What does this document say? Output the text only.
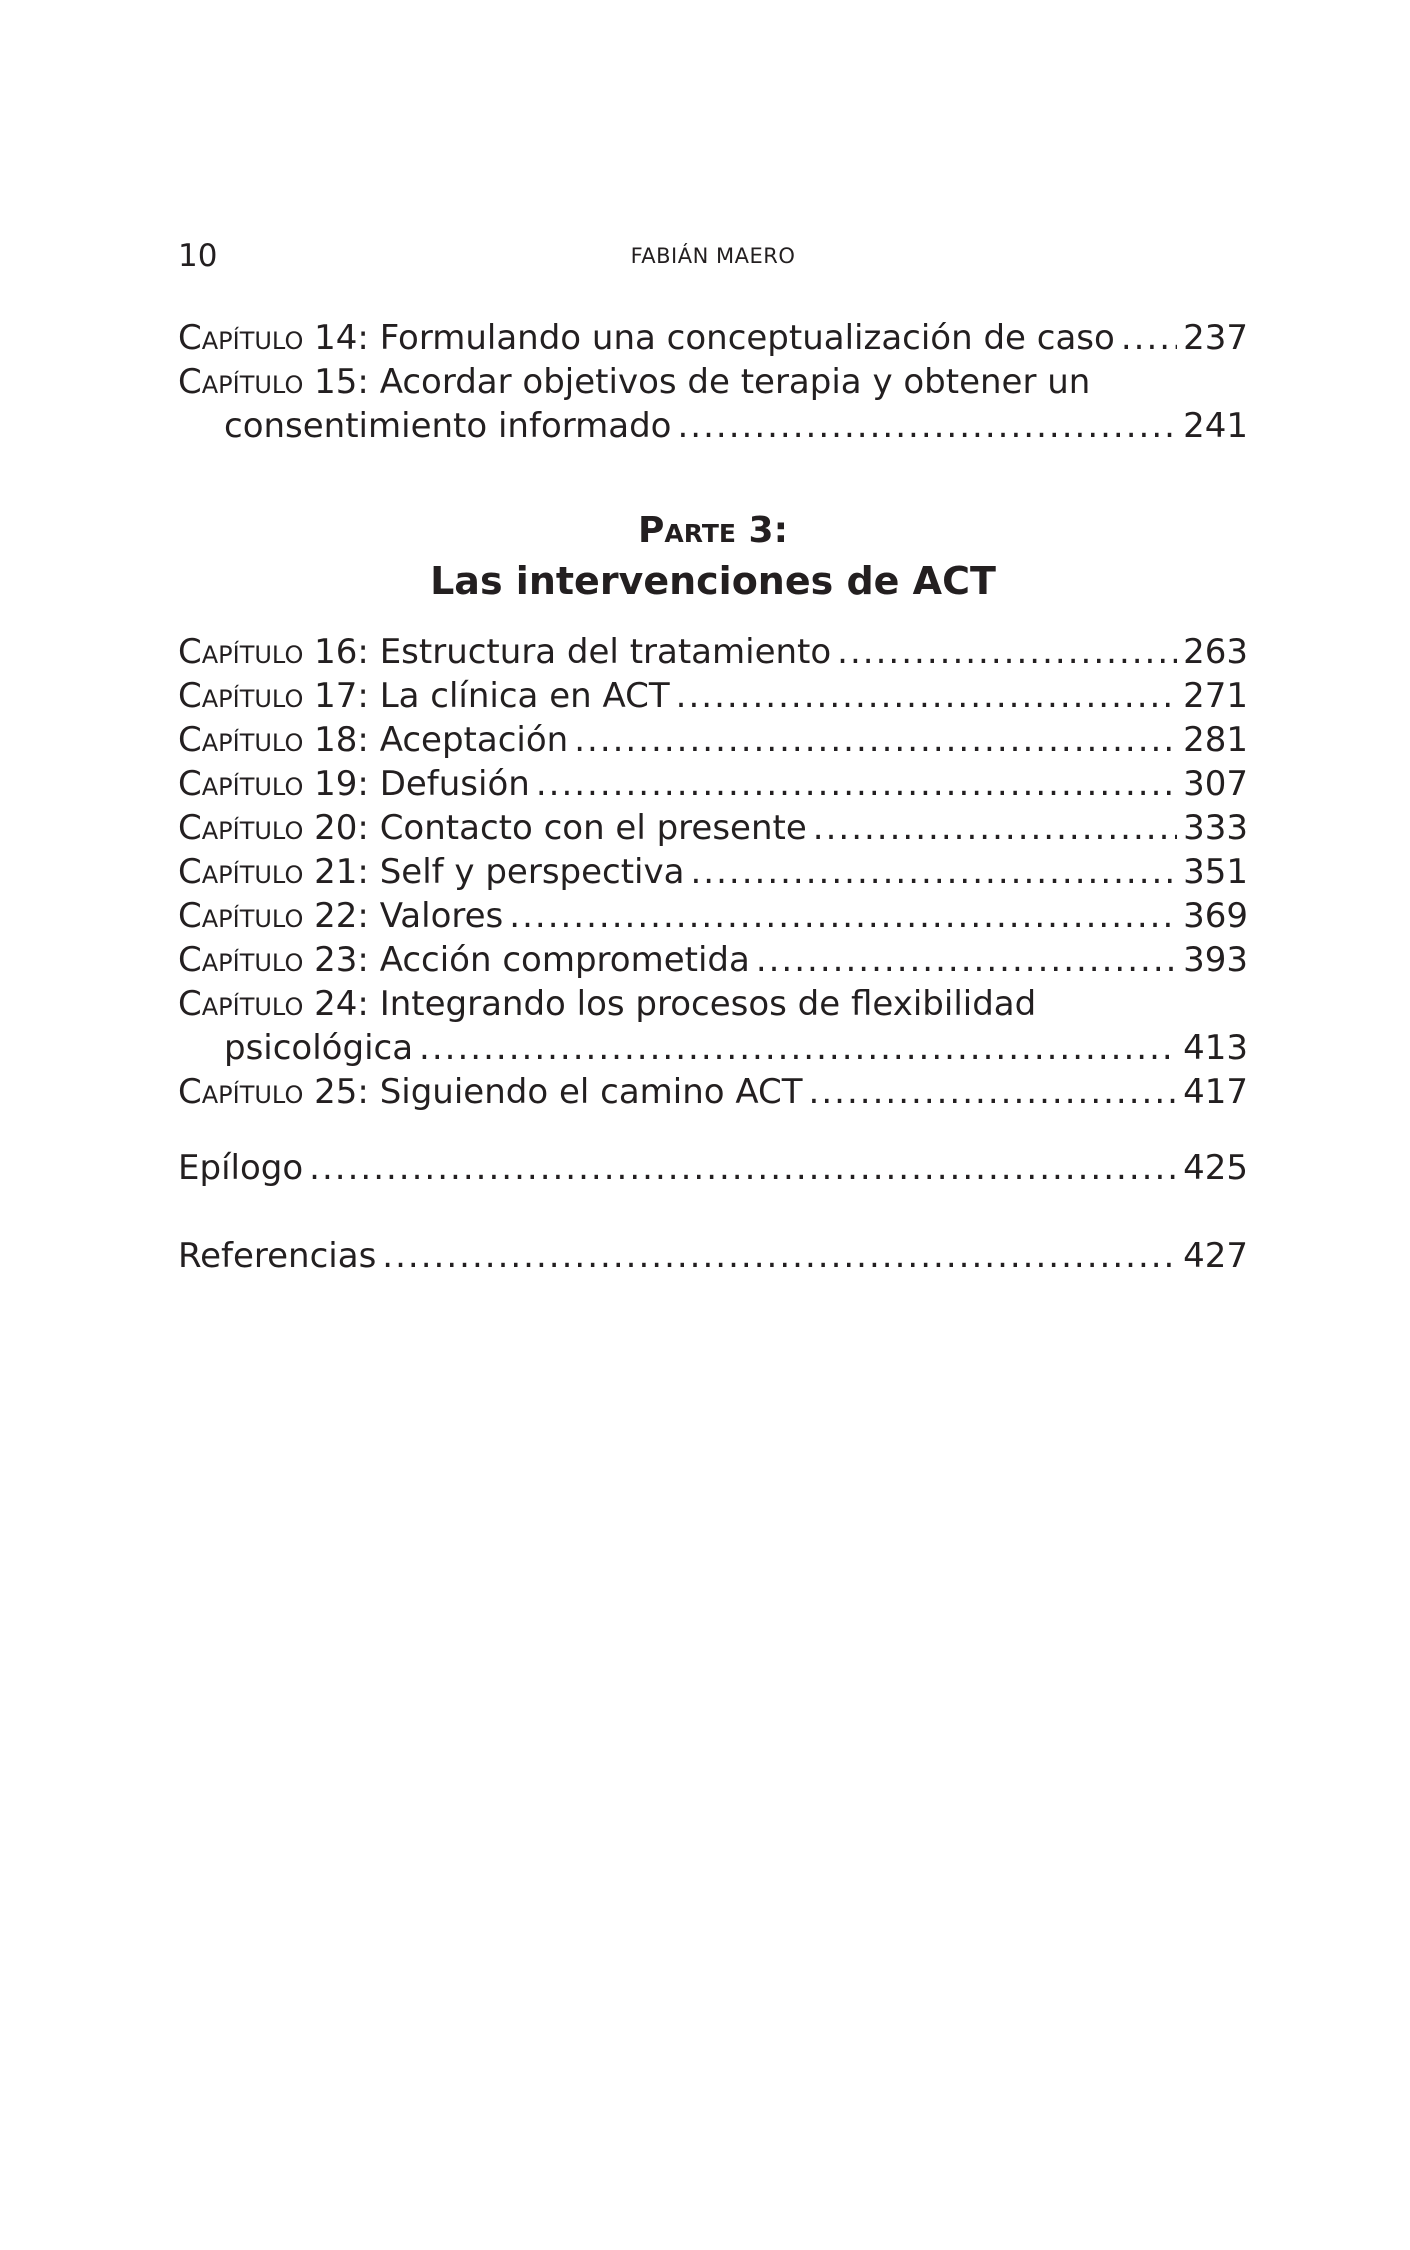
10	FABIÁN MAERO
Capítulo 14: Formulando una conceptualización de caso ..... 237
Capítulo 15: Acordar objetivos de terapia y obtener un
consentimiento informado .....	241
Parte 3:
Las intervenciones de ACT
Capítulo 16: Estructura del tratamiento .....	263
Capítulo 17: La clínica en ACT .....	271
Capítulo 18: Aceptación .....	281
Capítulo 19: Defusión .....	307
Capítulo 20: Contacto con el presente .....	333
Capítulo 21: Self y perspectiva .....	351
Capítulo 22: Valores .....	369
Capítulo 23: Acción comprometida .....	393
Capítulo 24: Integrando los procesos de flexibilidad
psicológica .....	413
Capítulo 25: Siguiendo el camino ACT .....	417
Epílogo .....	425
Referencias .....	427
